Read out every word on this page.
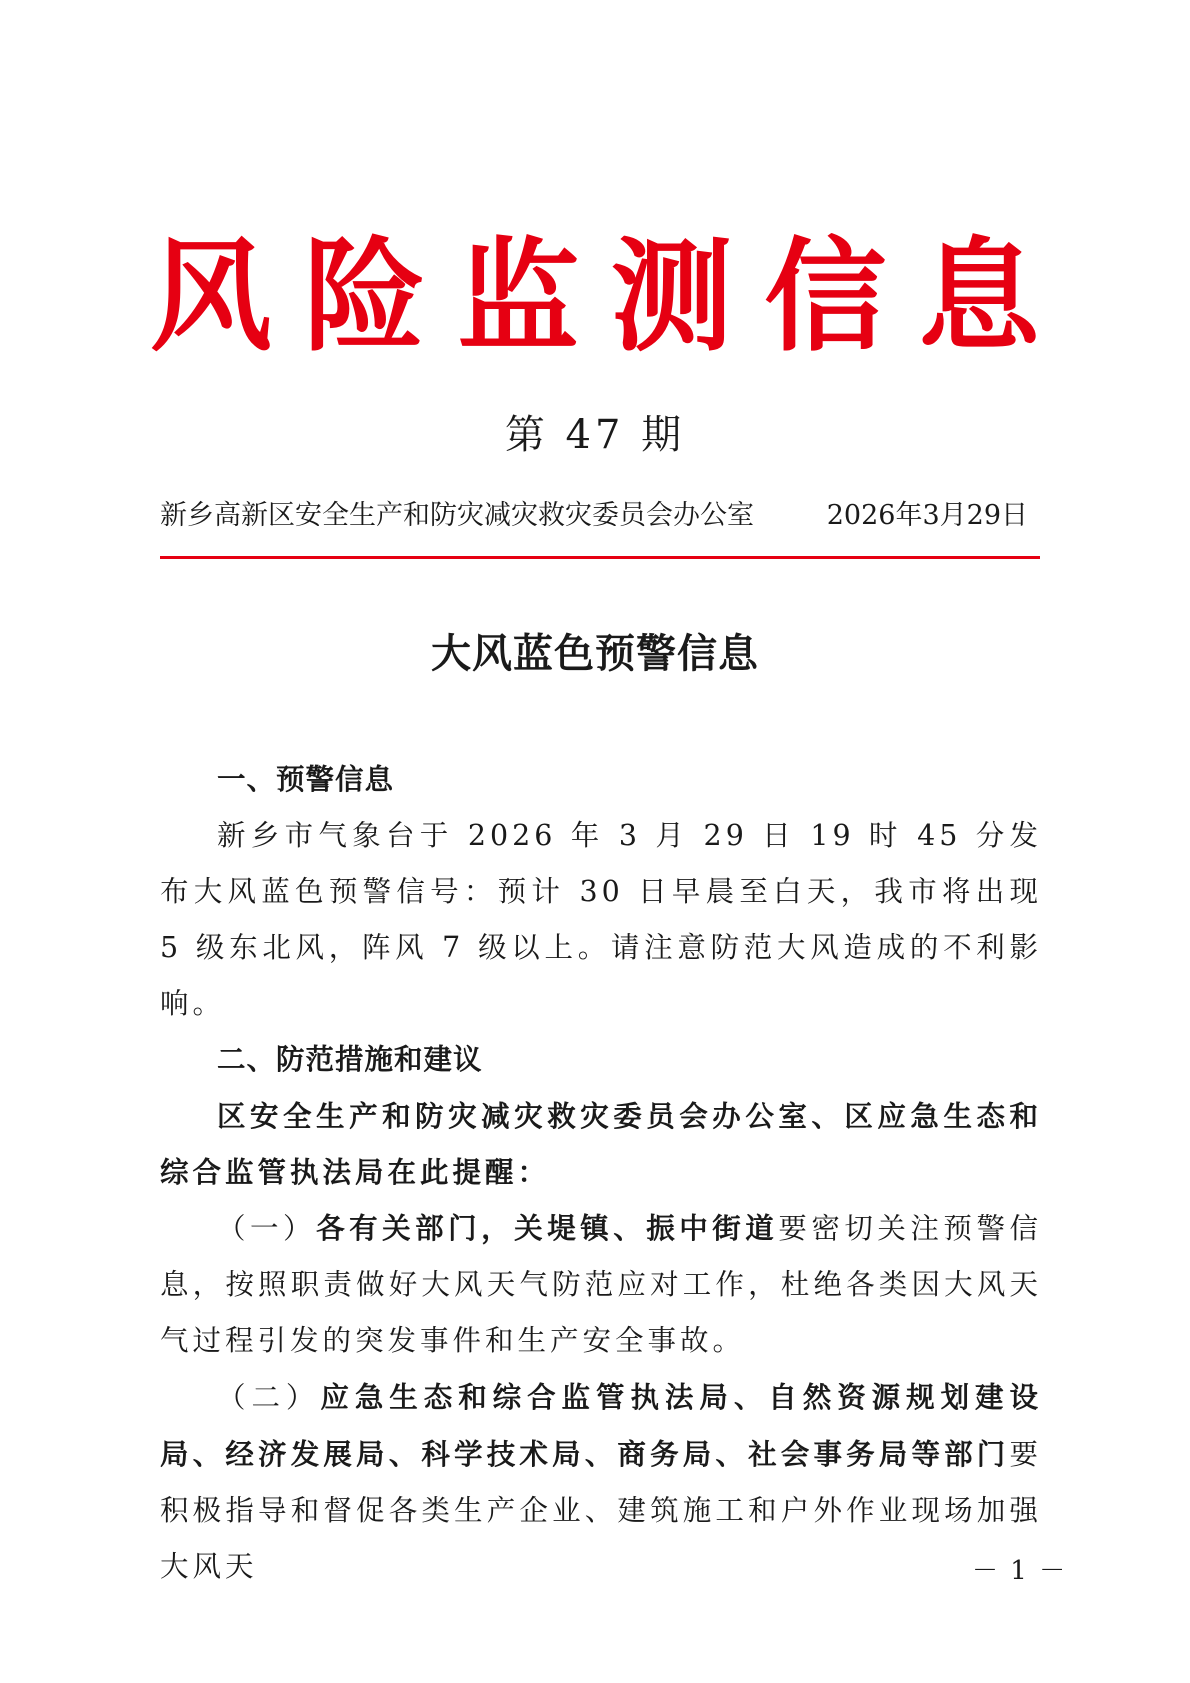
风 险 监 测 信 息
第 47 期
新乡高新区安全生产和防灾减灾救灾委员会办公室	2026年3月29日
大风蓝色预警信息

一、预警信息

新乡市气象台于 2026 年 3 月 29 日 19 时 45 分发布大风蓝色预警信号：预计 30 日早晨至白天，我市将出现 5 级东北风，阵风 7 级以上。请注意防范大风造成的不利影响。

二、防范措施和建议

区安全生产和防灾减灾救灾委员会办公室、区应急生态和综合监管执法局在此提醒：

（一）各有关部门，关堤镇、振中街道要密切关注预警信息，按照职责做好大风天气防范应对工作，杜绝各类因大风天气过程引发的突发事件和生产安全事故。

（二）应急生态和综合监管执法局、自然资源规划建设局、经济发展局、科学技术局、商务局、社会事务局等部门要积极指导和督促各类生产企业、建筑施工和户外作业现场加强大风天	－ 1 －
